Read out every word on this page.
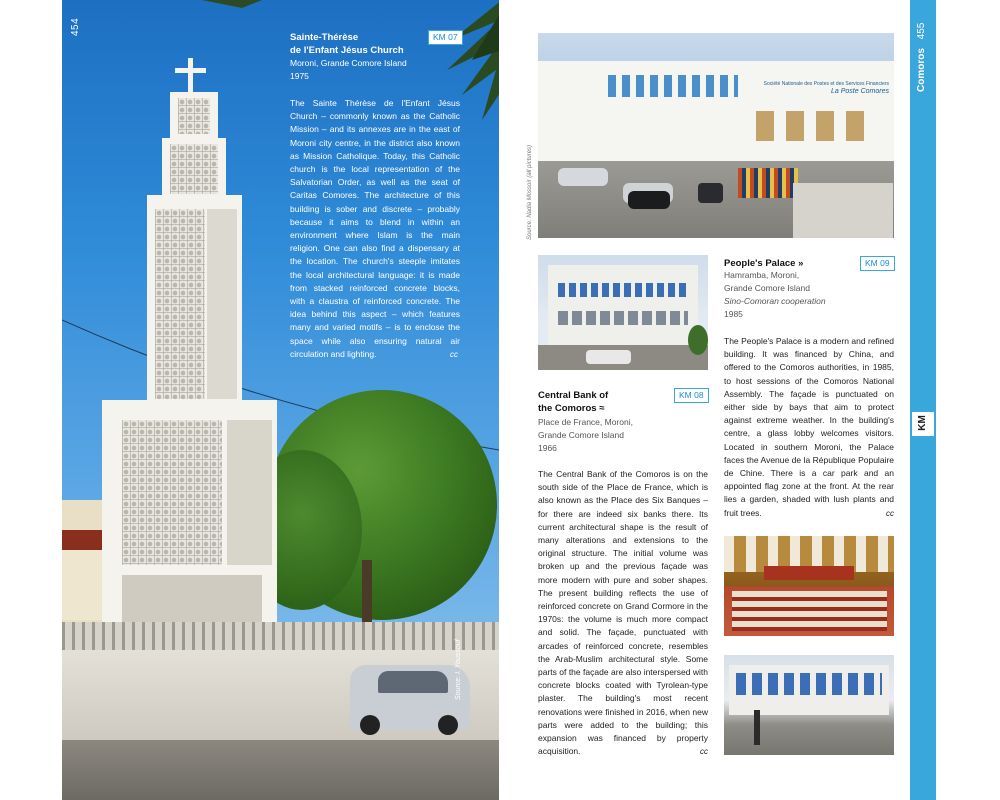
454
Source: I. Youssouf
Sainte-Thérèse
de l'Enfant Jésus Church
KM 07
Moroni, Grande Comore Island
1975
The Sainte Thérèse de l'Enfant Jésus Church – commonly known as the Catholic Mission – and its annexes are in the east of Moroni city centre, in the district also known as Mission Catholique. Today, this Catholic church is the local representation of the Salvatorian Order, as well as the seat of Caritas Comores. The architecture of this building is sober and discrete – probably because it aims to blend in within an environment where Islam is the main religion. One can also find a dispensary at the location. The church's steeple imitates the local architectural language: it is made from stacked reinforced concrete blocks, with a claustra of reinforced concrete. The idea behind this aspect – which features many and varied motifs – is to enclose the space while also ensuring natural air circulation and lighting.	cc
Société Nationale des Postes et des Services Financiers
La Poste Comores
Source: Nadia Mossoir (all pictures)
Central Bank of
the Comoros ≈
KM 08
Place de France, Moroni,
Grande Comore Island
1966
The Central Bank of the Comoros is on the south side of the Place de France, which is also known as the Place des Six Banques – for there are indeed six banks there. Its current architectural shape is the result of many alterations and extensions to the original structure. The initial volume was broken up and the previous façade was more modern with pure and sober shapes. The present building reflects the use of reinforced concrete on Grand Cormore in the 1970s: the volume is much more compact and solid. The façade, punctuated with arcades of reinforced concrete, resembles the Arab-Muslim architectural style. Some parts of the façade are also interspersed with concrete blocks coated with Tyrolean-type plaster. The building's most recent renovations were finished in 2016, when new parts were added to the building; this expansion was financed by property acquisition.	cc
People's Palace »	KM 09
Hamramba, Moroni,
Grande Comore Island
Sino-Comoran cooperation
1985
The People's Palace is a modern and refined building. It was financed by China, and offered to the Comoros authorities, in 1985, to host sessions of the Comoros National Assembly. The façade is punctuated on either side by bays that aim to protect against extreme weather. In the building's centre, a glass lobby welcomes visitors. Located in southern Moroni, the Palace faces the Avenue de la République Populaire de Chine. There is a car park and an appointed flag zone at the front. At the rear lies a garden, shaded with lush plants and fruit trees.	cc
Comoros 455
KM
